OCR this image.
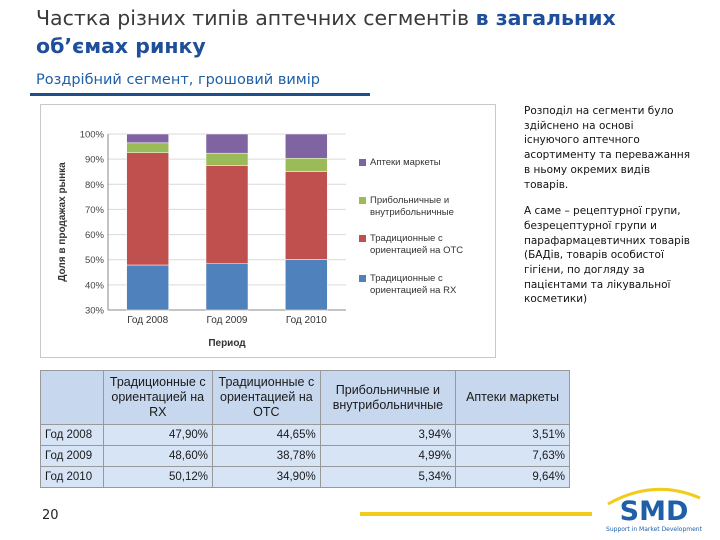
Частка різних типів аптечних сегментів в загальних об’ємах ринку
Роздрібний сегмент, грошовий вимір
30%
40%
50%
60%
70%
80%
90%
100%
Год 2008	Год 2009	Год 2010
Период
Доля в продажах рынка	Аптеки маркеты
Прибольничные и внутрибольничные
Традиционные с ориентацией на OTC
Традиционные с ориентацией на RX

Розподіл на сегменти було здійснено на основі існуючого аптечного асортименту та переважання в ньому окремих видів товарів.

А саме – рецептурної групи, безрецептурної групи и парафармацевтичних товарів (БАДів, товарів особистої гігієни, по догляду за пацієнтами та лікувальної косметики)

	Традиционные с ориентацией на RX	Традиционные с ориентацией на OTC	Прибольничные и внутрибольничные	Аптеки маркеты
Год 2008	47,90%	44,65%	3,94%	3,51%
Год 2009	48,60%	38,78%	4,99%	7,63%
Год 2010	50,12%	34,90%	5,34%	9,64%
20	SMD
Support in Market Development
